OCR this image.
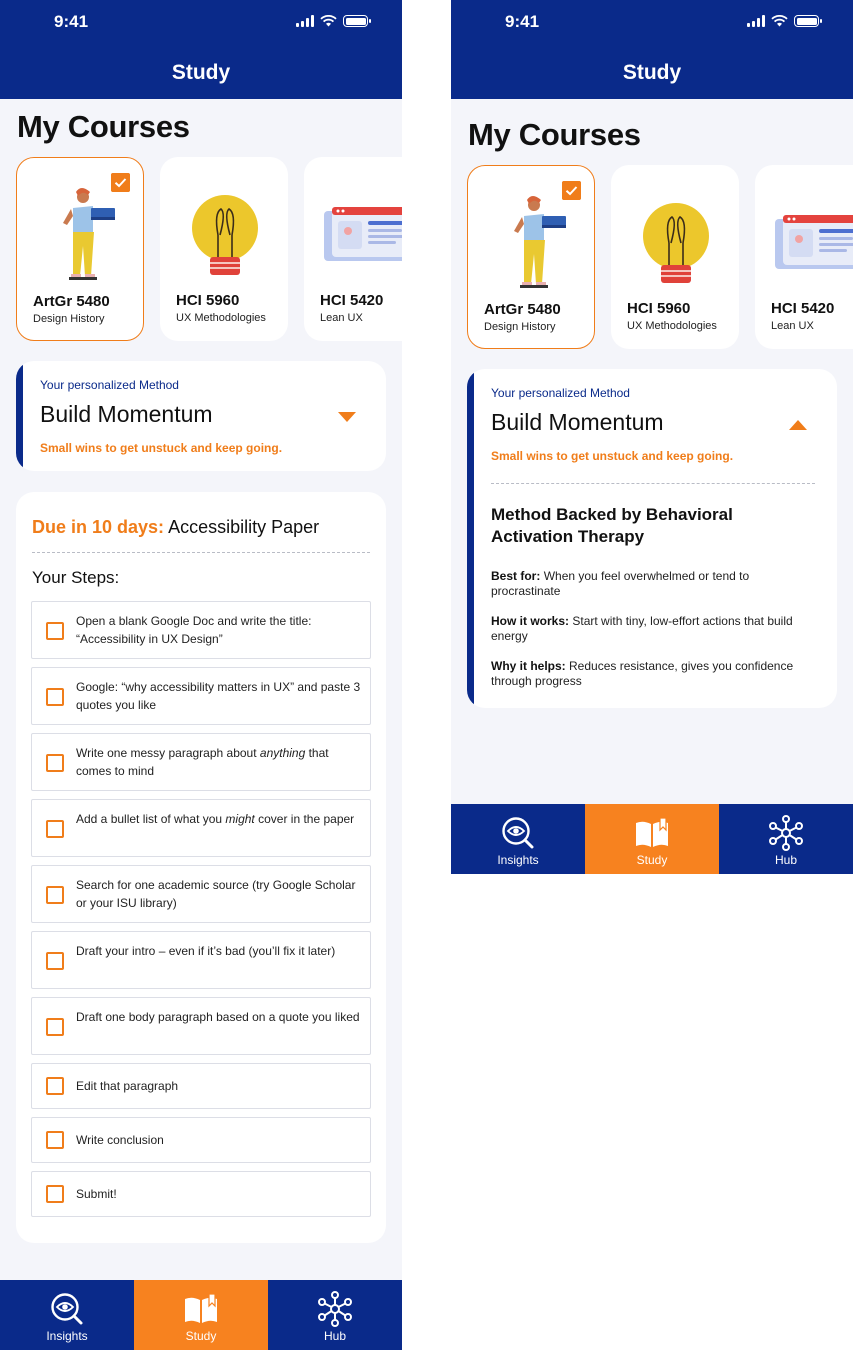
9:41
Study
My Courses
ArtGr 5480
Design History
HCI 5960
UX Methodologies
HCI 5420
Lean UX
Your personalized Method
Build Momentum
Small wins to get unstuck and keep going.
Due in 10 days: Accessibility Paper
Your Steps:
Open a blank Google Doc and write the title: “Accessibility in UX Design”
Google: “why accessibility matters in UX” and paste 3 quotes you like
Write one messy paragraph about anything that comes to mind
Add a bullet list of what you might cover in the paper
Search for one academic source (try Google Scholar or your ISU library)
Draft your intro – even if it’s bad (you’ll fix it later)
Draft one body paragraph based on a quote you liked
Edit that paragraph
Write conclusion
Submit!
Insights	Study	Hub
9:41
Study
My Courses
ArtGr 5480
Design History
HCI 5960
UX Methodologies
HCI 5420
Lean UX
Your personalized Method
Build Momentum
Small wins to get unstuck and keep going.
Method Backed by Behavioral Activation Therapy
Best for: When you feel overwhelmed or tend to procrastinate
How it works: Start with tiny, low-effort actions that build energy
Why it helps: Reduces resistance, gives you confidence through progress
Insights	Study	Hub
